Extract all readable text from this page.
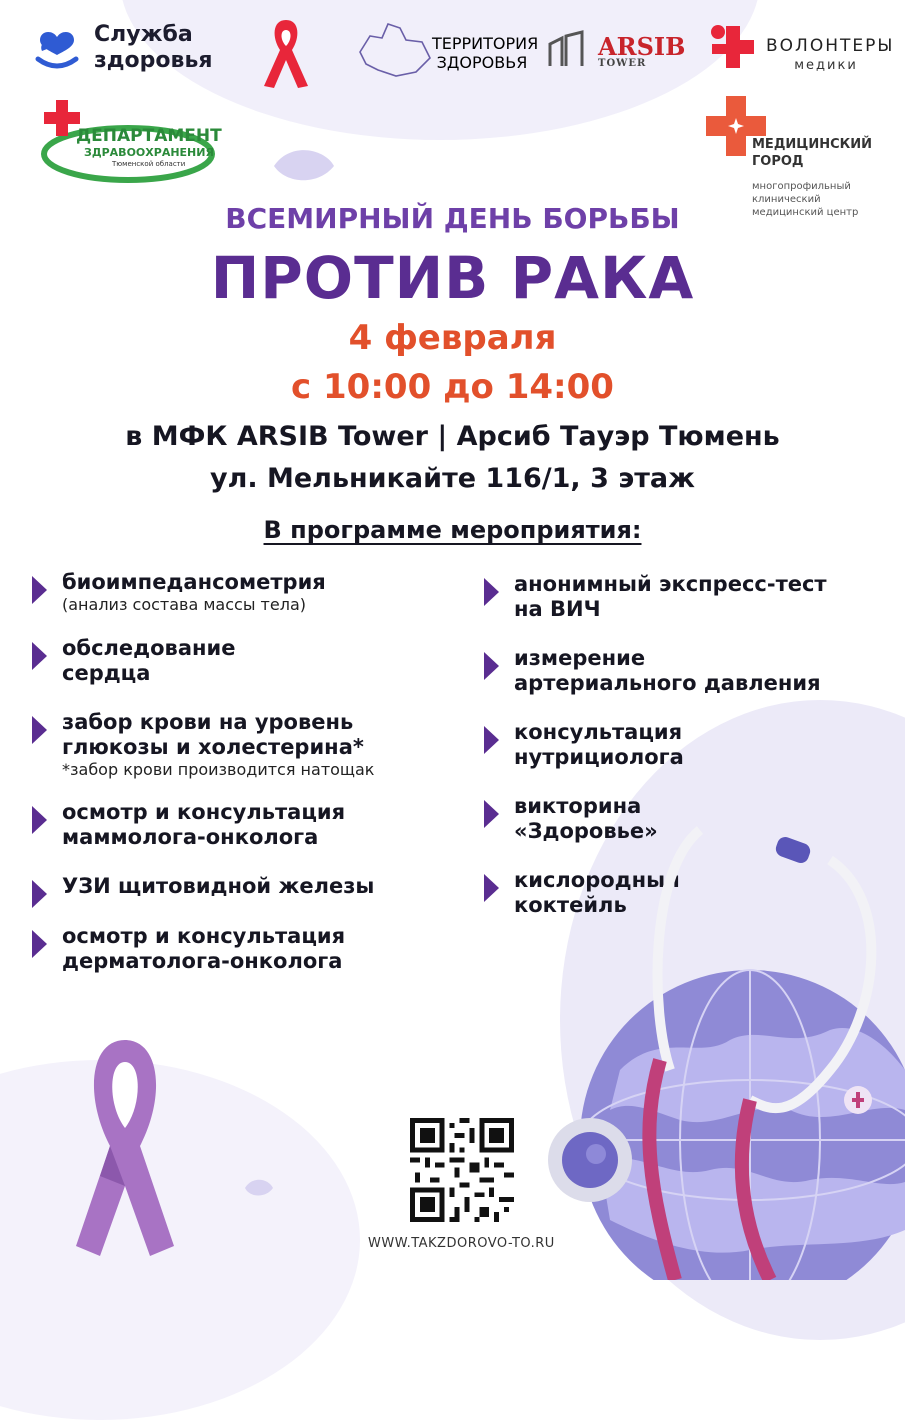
Служба здоровья
ТЕРРИТОРИЯ ЗДОРОВЬЯ
ARSIB
TOWER
ВОЛОНТЕРЫ
медики
ДЕПАРТАМЕНТ
ЗДРАВООХРАНЕНИЯ
Тюменской области
МЕДИЦИНСКИЙ ГОРОД
многопрофильный клинический медицинский центр
ВСЕМИРНЫЙ ДЕНЬ БОРЬБЫ
ПРОТИВ РАКА
4 февраля
с 10:00 до 14:00
в МФК ARSIB Tower | Арсиб Тауэр Тюмень
ул. Мельникайте 116/1, 3 этаж
В программе мероприятия:
биоимпедансометрия
(анализ состава массы тела)
обследование
сердца
забор крови на уровень
глюкозы и холестерина*
*забор крови производится натощак
осмотр и консультация
маммолога-онколога
УЗИ щитовидной железы
осмотр и консультация
дерматолога-онколога
анонимный экспресс-тест
на ВИЧ
измерение
артериального давления
консультация
нутрициолога
викторина
«Здоровье»
кислородный
коктейль
WWW.TAKZDOROVO-TO.RU
